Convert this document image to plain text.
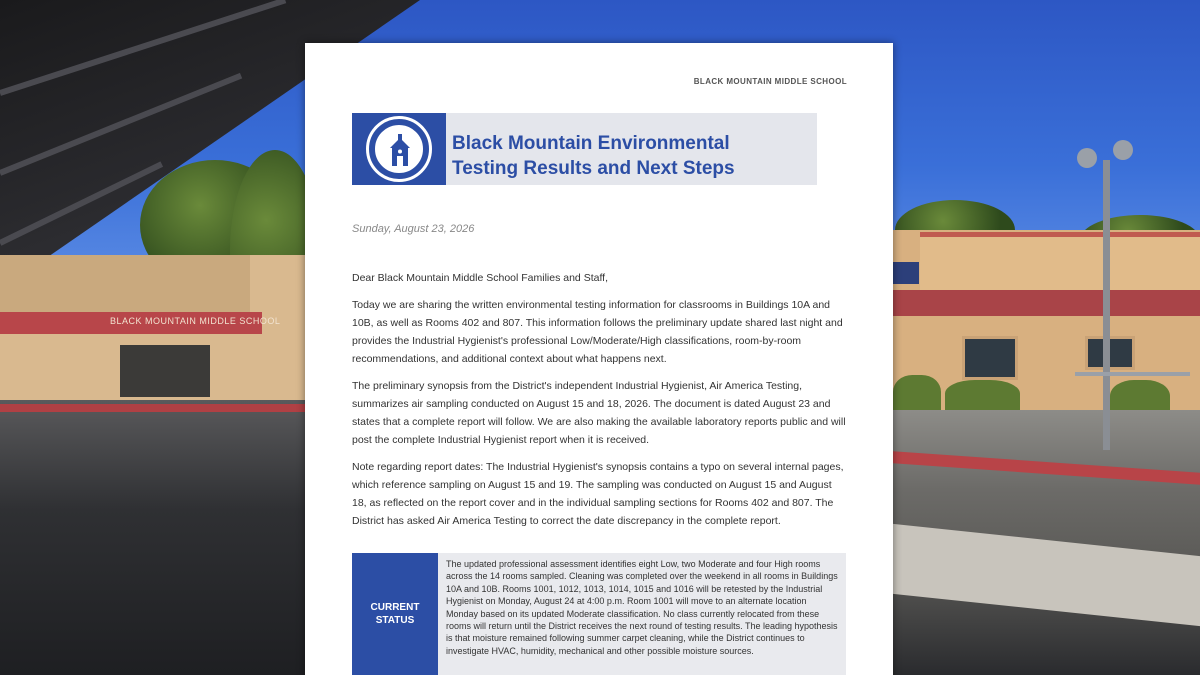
BLACK MOUNTAIN MIDDLE SCHOOL
BLACK MOUNTAIN MIDDLE SCHOOL
Black Mountain Environmental
Testing Results and Next Steps
Sunday, August 23, 2026

Dear Black Mountain Middle School Families and Staff,

Today we are sharing the written environmental testing information for classrooms in Buildings 10A and 10B, as well as Rooms 402 and 807. This information follows the preliminary update shared last night and provides the Industrial Hygienist's professional Low/Moderate/High classifications, room-by-room recommendations, and additional context about what happens next.

The preliminary synopsis from the District's independent Industrial Hygienist, Air America Testing, summarizes air sampling conducted on August 15 and 18, 2026. The document is dated August 23 and states that a complete report will follow. We are also making the available laboratory reports public and will post the complete Industrial Hygienist report when it is received.

Note regarding report dates: The Industrial Hygienist's synopsis contains a typo on several internal pages, which reference sampling on August 15 and 19. The sampling was conducted on August 15 and August 18, as reflected on the report cover and in the individual sampling sections for Rooms 402 and 807. The District has asked Air America Testing to correct the date discrepancy in the complete report.

CURRENT
STATUS
The updated professional assessment identifies eight Low, two Moderate and four High rooms across the 14 rooms sampled. Cleaning was completed over the weekend in all rooms in Buildings 10A and 10B. Rooms 1001, 1012, 1013, 1014, 1015 and 1016 will be retested by the Industrial Hygienist on Monday, August 24 at 4:00 p.m. Room 1001 will move to an alternate location Monday based on its updated Moderate classification. No class currently relocated from these rooms will return until the District receives the next round of testing results. The leading hypothesis is that moisture remained following summer carpet cleaning, while the District continues to investigate HVAC, humidity, mechanical and other possible moisture sources.
